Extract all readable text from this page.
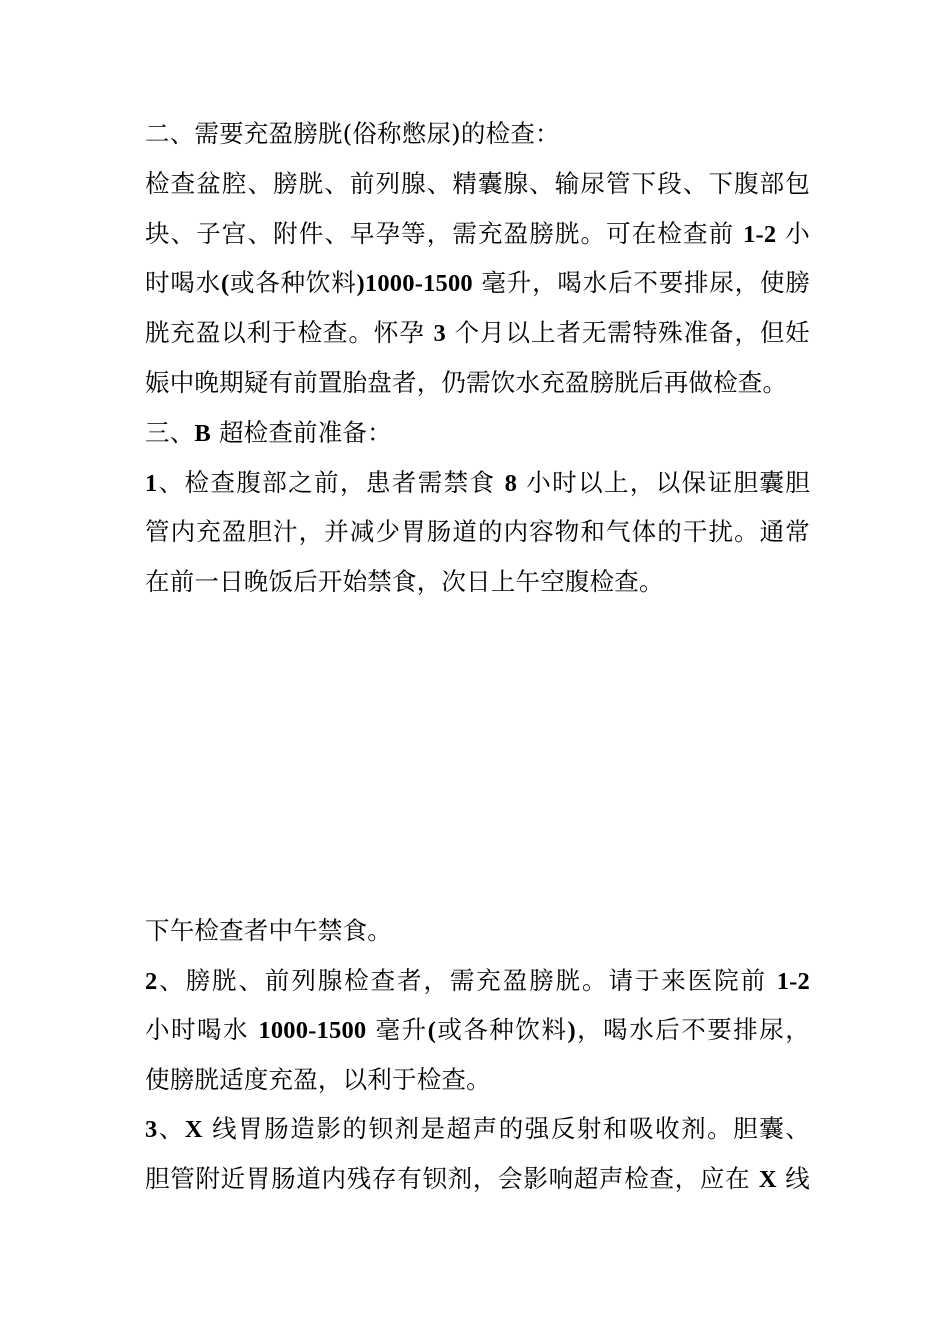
二、需要充盈膀胱(俗称憋尿)的检查：
检查盆腔、膀胱、前列腺、精囊腺、输尿管下段、下腹部包
块、子宫、附件、早孕等，需充盈膀胱。可在检查前 1-2 小
时喝水(或各种饮料)1000-1500 毫升，喝水后不要排尿，使膀
胱充盈以利于检查。怀孕 3 个月以上者无需特殊准备，但妊
娠中晚期疑有前置胎盘者，仍需饮水充盈膀胱后再做检查。
三、B 超检查前准备：
1、检查腹部之前，患者需禁食 8 小时以上，以保证胆囊胆
管内充盈胆汁，并减少胃肠道的内容物和气体的干扰。通常
在前一日晚饭后开始禁食，次日上午空腹检查。
下午检查者中午禁食。
2、膀胱、前列腺检查者，需充盈膀胱。请于来医院前 1-2
小时喝水 1000-1500 毫升(或各种饮料)，喝水后不要排尿，
使膀胱适度充盈，以利于检查。
3、X 线胃肠造影的钡剂是超声的强反射和吸收剂。胆囊、
胆管附近胃肠道内残存有钡剂，会影响超声检查，应在 X 线
